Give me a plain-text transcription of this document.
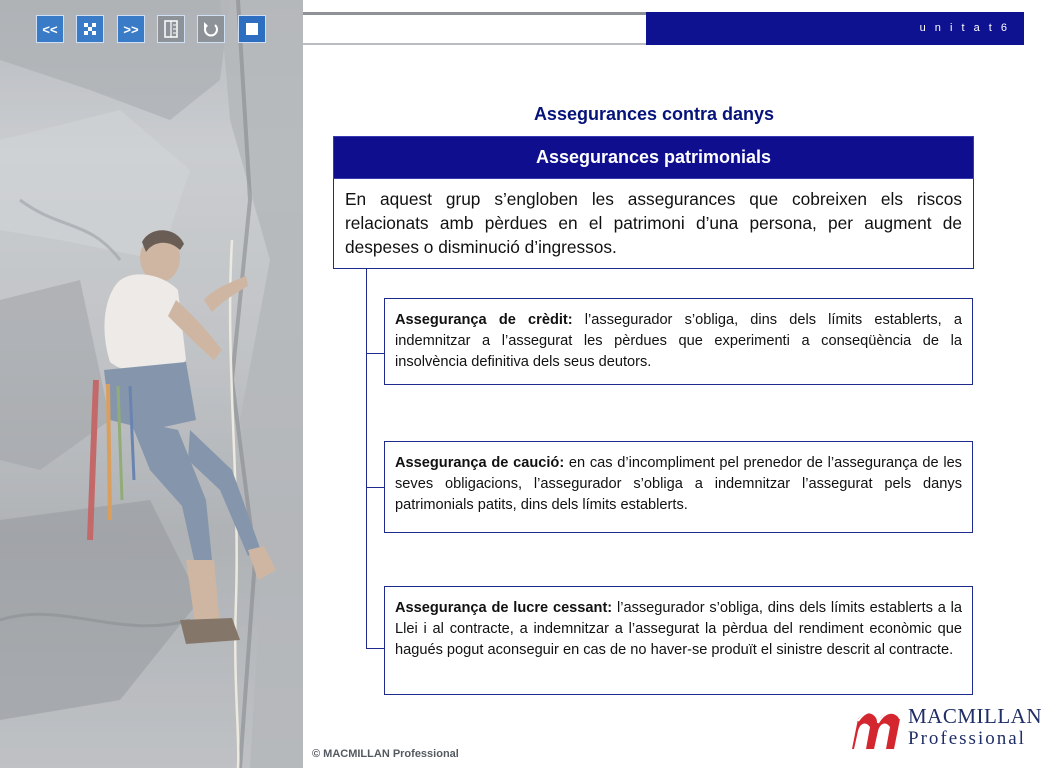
<<	>>	u n i t a t 6
Assegurances contra danys
Assegurances patrimonials
En aquest grup s’engloben les assegurances que cobreixen els riscos relacionats amb pèrdues en el patrimoni d’una persona, per augment de despeses o disminució d’ingressos.
Assegurança de crèdit: l’assegurador s’obliga, dins dels límits establerts, a indemnitzar a l’assegurat les pèrdues que experimenti a conseqüència de la insolvència definitiva dels seus deutors.
Assegurança de caució: en cas d’incompliment pel prenedor de l’assegurança de les seves obligacions, l’assegurador s’obliga a indemnitzar l’assegurat pels danys patrimonials patits, dins dels límits establerts.
Assegurança de lucre cessant: l’assegurador s’obliga, dins dels límits establerts a la Llei i al contracte, a indemnitzar a l’assegurat la pèrdua del rendiment econòmic que hagués pogut aconseguir en cas de no haver-se produït el sinistre descrit al contracte.
© MACMILLAN Professional
MACMILLAN
Professional
